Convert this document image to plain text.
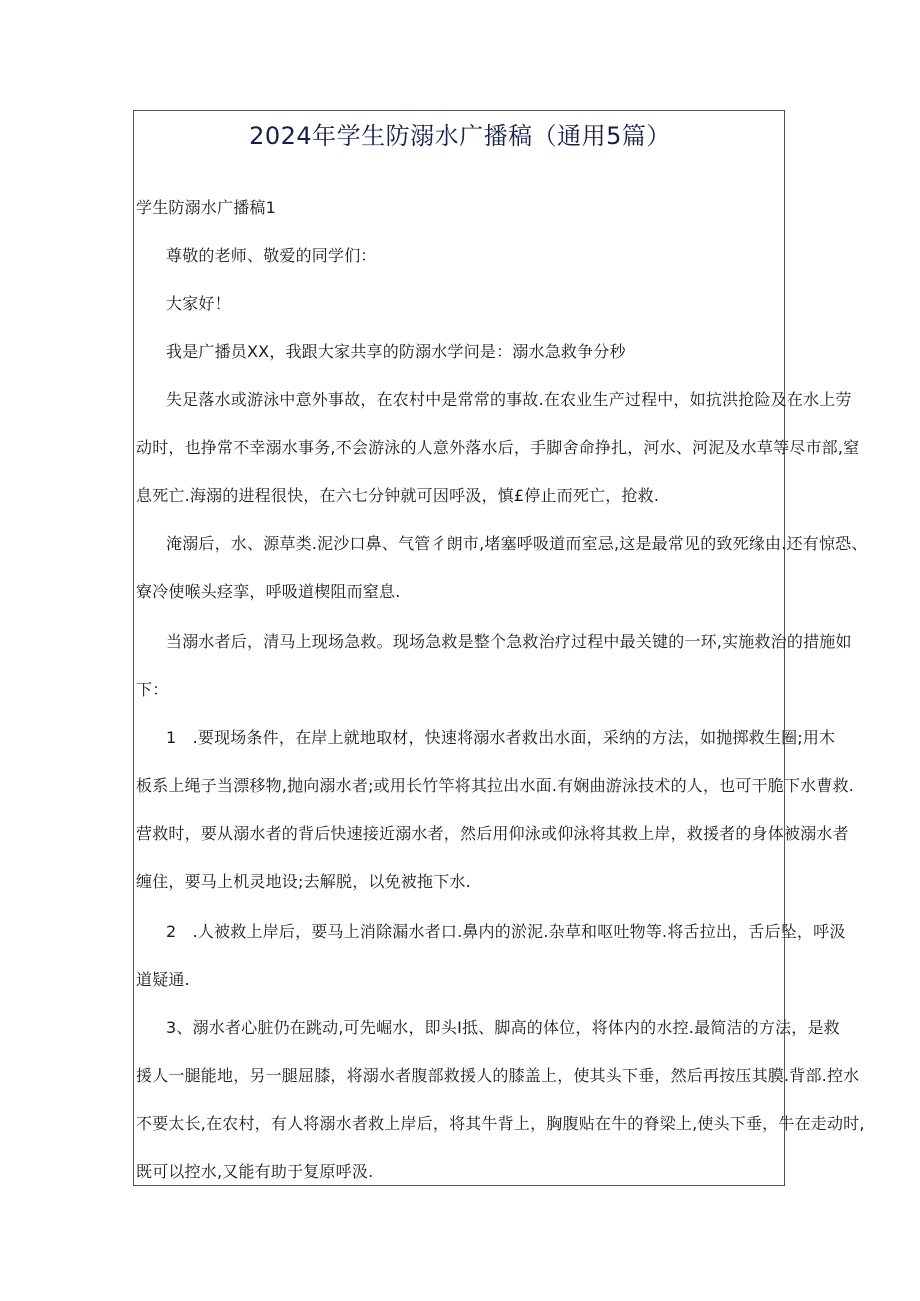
2024年学生防溺水广播稿（通用5篇）
学生防溺水广播稿1
尊敬的老师、敬爱的同学们：
大家好！
我是广播员XX，我跟大家共享的防溺水学问是：溺水急救争分秒
失足落水或游泳中意外事故，在农村中是常常的事故.在农业生产过程中，如抗洪抢险及在水上劳
动时，也挣常不幸溺水事务,不会游泳的人意外落水后，手脚舍命挣扎，河水、河泥及水草等尽市部,窒
息死亡.海溺的进程很快，在六七分钟就可因呼汲，慎£停止而死亡，抢救.
淹溺后，水、源草类.泥沙口鼻、气管彳朗市,堵塞呼吸道而室忌,这是最常见的致死缘由.还有惊恐、
寮冷使喉头痉挛，呼吸道楔阻而窒息.
当溺水者后，清马上现场急救。现场急救是整个急救治疗过程中最关键的一环,实施救治的措施如
下：
1　.要现场条件，在岸上就地取材，快速将溺水者救出水面，采纳的方法，如抛掷救生圈;用木
板系上绳子当漂移物,抛向溺水者;或用长竹竿将其拉出水面.有娴曲游泳技术的人，也可干脆下水曹救.
营救时，要从溺水者的背后快速接近溺水者，然后用仰泳或仰泳将其救上岸，救援者的身体被溺水者
缠住，要马上机灵地设;去解脱，以免被拖下水.
2　.人被救上岸后，要马上消除漏水者口.鼻内的淤泥.杂草和呕吐物等.将舌拉出，舌后坠，呼汲
道疑通.
3、溺水者心脏仍在跳动,可先崛水，即头I抵、脚高的体位，将体内的水控.最简洁的方法，是救
援人一腿能地，另一腿屈膝，将溺水者腹部救援人的膝盖上，使其头下垂，然后再按压其膜.背部.控水
不要太长,在农村，有人将溺水者救上岸后，将其牛背上，胸腹贴在牛的脊梁上,使头下垂，牛在走动时,
既可以控水,又能有助于复原呼汲.
